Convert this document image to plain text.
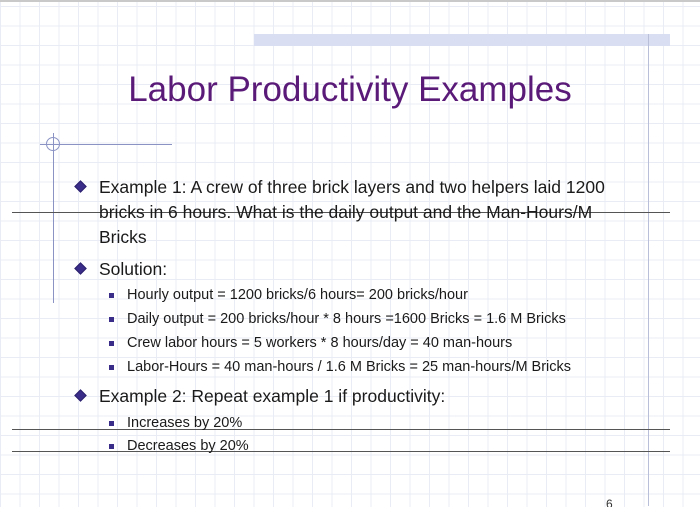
Labor Productivity Examples
Example 1: A crew of three brick layers and two helpers laid 1200
bricks in 6 hours. What is the daily output and the Man-Hours/M
Bricks
Solution:
Hourly output = 1200 bricks/6 hours= 200 bricks/hour
Daily output = 200 bricks/hour * 8 hours =1600 Bricks = 1.6 M Bricks
Crew labor hours = 5 workers * 8 hours/day = 40 man-hours
Labor-Hours = 40 man-hours / 1.6 M Bricks = 25 man-hours/M Bricks
Example 2: Repeat example 1 if productivity:
Increases by 20%
Decreases by 20%
6
